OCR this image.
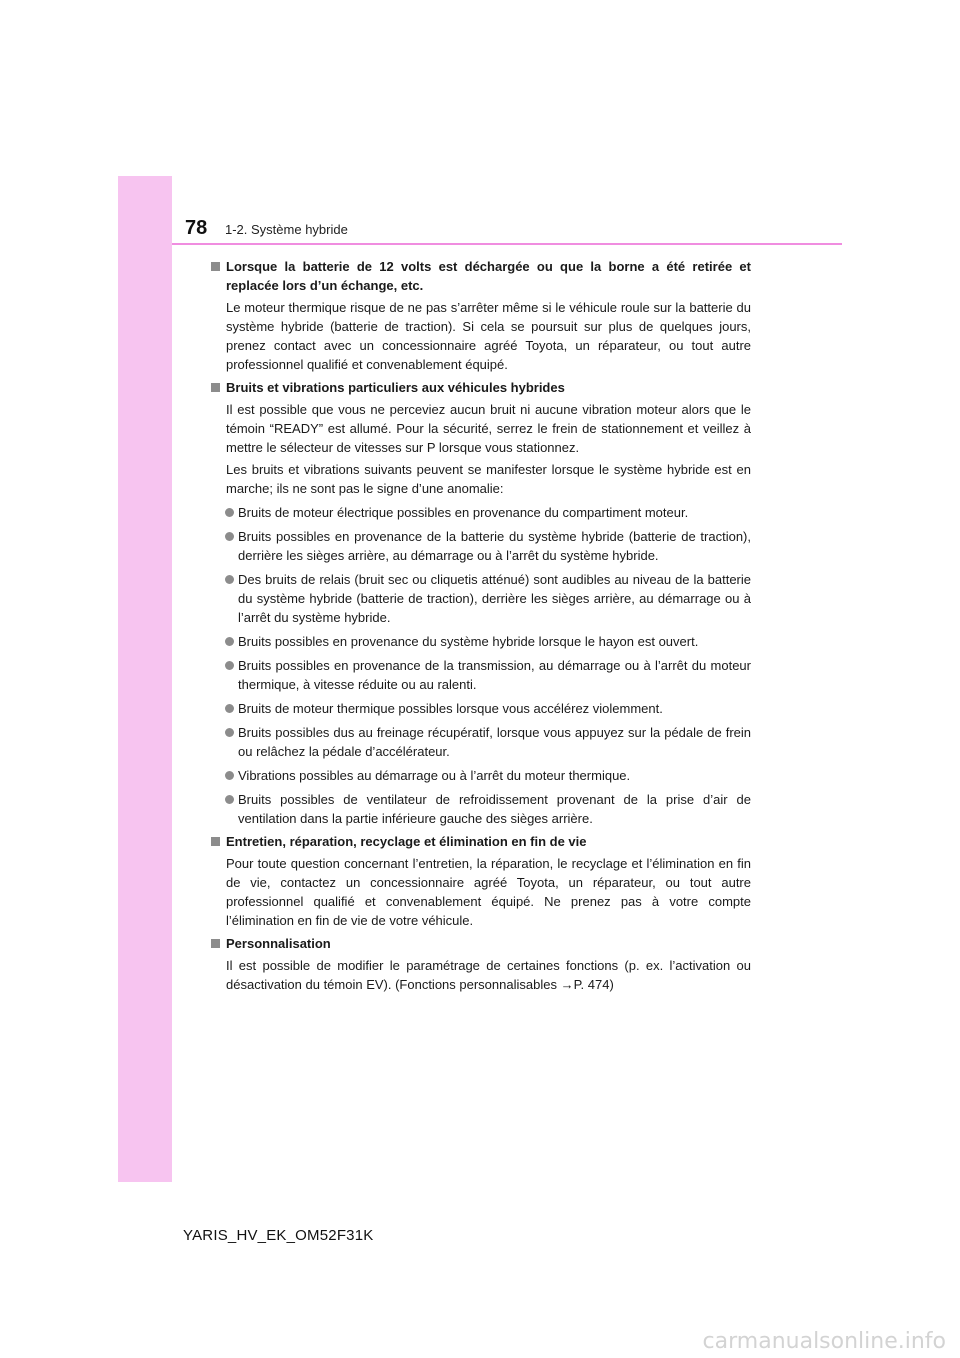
78 1-2. Système hybride
Lorsque la batterie de 12 volts est déchargée ou que la borne a été retirée et replacée lors d’un échange, etc.
Le moteur thermique risque de ne pas s’arrêter même si le véhicule roule sur la batterie du système hybride (batterie de traction). Si cela se poursuit sur plus de quelques jours, prenez contact avec un concessionnaire agréé Toyota, un réparateur, ou tout autre professionnel qualifié et convenablement équipé.
Bruits et vibrations particuliers aux véhicules hybrides
Il est possible que vous ne perceviez aucun bruit ni aucune vibration moteur alors que le témoin “READY” est allumé. Pour la sécurité, serrez le frein de stationnement et veillez à mettre le sélecteur de vitesses sur P lorsque vous stationnez.
Les bruits et vibrations suivants peuvent se manifester lorsque le système hybride est en marche; ils ne sont pas le signe d’une anomalie:
Bruits de moteur électrique possibles en provenance du compartiment moteur.
Bruits possibles en provenance de la batterie du système hybride (batterie de traction), derrière les sièges arrière, au démarrage ou à l’arrêt du système hybride.
Des bruits de relais (bruit sec ou cliquetis atténué) sont audibles au niveau de la batterie du système hybride (batterie de traction), derrière les sièges arrière, au démarrage ou à l’arrêt du système hybride.
Bruits possibles en provenance du système hybride lorsque le hayon est ouvert.
Bruits possibles en provenance de la transmission, au démarrage ou à l’arrêt du moteur thermique, à vitesse réduite ou au ralenti.
Bruits de moteur thermique possibles lorsque vous accélérez violemment.
Bruits possibles dus au freinage récupératif, lorsque vous appuyez sur la pédale de frein ou relâchez la pédale d’accélérateur.
Vibrations possibles au démarrage ou à l’arrêt du moteur thermique.
Bruits possibles de ventilateur de refroidissement provenant de la prise d’air de ventilation dans la partie inférieure gauche des sièges arrière.
Entretien, réparation, recyclage et élimination en fin de vie
Pour toute question concernant l’entretien, la réparation, le recyclage et l’élimination en fin de vie, contactez un concessionnaire agréé Toyota, un réparateur, ou tout autre professionnel qualifié et convenablement équipé. Ne prenez pas à votre compte l’élimination en fin de vie de votre véhicule.
Personnalisation
Il est possible de modifier le paramétrage de certaines fonctions (p. ex. l’activation ou désactivation du témoin EV). (Fonctions personnalisables →P. 474)
YARIS_HV_EK_OM52F31K
carmanualsonline.info
